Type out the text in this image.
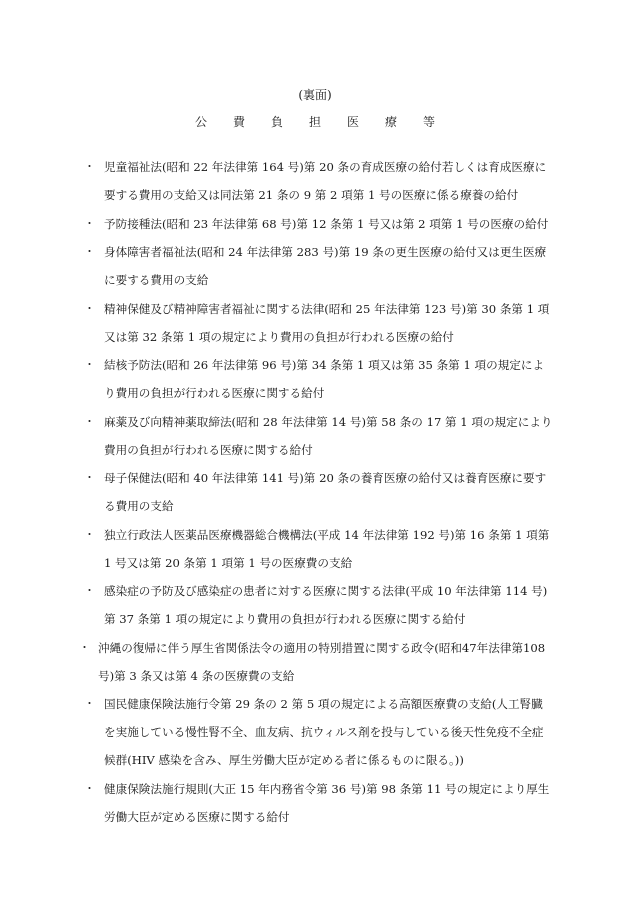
(裏面)
公費負担医療等
・ 児童福祉法(昭和 22 年法律第 164 号)第 20 条の育成医療の給付若しくは育成医療に要する費用の支給又は同法第 21 条の 9 第 2 項第 1 号の医療に係る療養の給付
・ 予防接種法(昭和 23 年法律第 68 号)第 12 条第 1 号又は第 2 項第 1 号の医療の給付
・ 身体障害者福祉法(昭和 24 年法律第 283 号)第 19 条の更生医療の給付又は更生医療に要する費用の支給
・ 精神保健及び精神障害者福祉に関する法律(昭和 25 年法律第 123 号)第 30 条第 1 項又は第 32 条第 1 項の規定により費用の負担が行われる医療の給付
・ 結核予防法(昭和 26 年法律第 96 号)第 34 条第 1 項又は第 35 条第 1 項の規定により費用の負担が行われる医療に関する給付
・ 麻薬及び向精神薬取締法(昭和 28 年法律第 14 号)第 58 条の 17 第 1 項の規定により費用の負担が行われる医療に関する給付
・ 母子保健法(昭和 40 年法律第 141 号)第 20 条の養育医療の給付又は養育医療に要する費用の支給
・ 独立行政法人医薬品医療機器総合機構法(平成 14 年法律第 192 号)第 16 条第 1 項第 1 号又は第 20 条第 1 項第 1 号の医療費の支給
・ 感染症の予防及び感染症の患者に対する医療に関する法律(平成 10 年法律第 114 号)第 37 条第 1 項の規定により費用の負担が行われる医療に関する給付
・ 沖縄の復帰に伴う厚生省関係法令の適用の特別措置に関する政令(昭和47年法律第108号)第 3 条又は第 4 条の医療費の支給
・ 国民健康保険法施行令第 29 条の 2 第 5 項の規定による高額医療費の支給(人工腎臓を実施している慢性腎不全、血友病、抗ウィルス剤を投与している後天性免疫不全症候群(HIV 感染を含み、厚生労働大臣が定める者に係るものに限る。))
・ 健康保険法施行規則(大正 15 年内務省令第 36 号)第 98 条第 11 号の規定により厚生労働大臣が定める医療に関する給付
